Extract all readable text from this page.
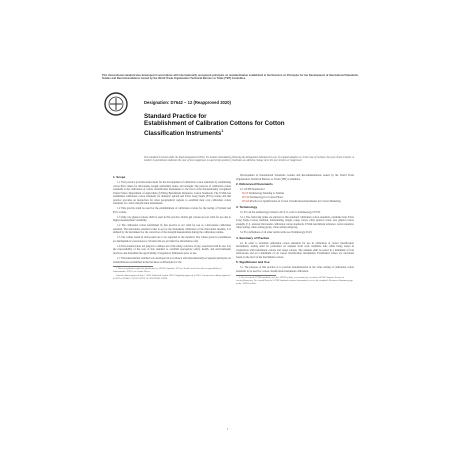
This international standard was developed in accordance with internationally recognized principles on standardization established in the Decision on Principles for the Development of International Standards, Guides and Recommendations issued by the World Trade Organization Technical Barriers to Trade (TBT) Committee.
Designation: D7642 − 12 (Reapproved 2020)
Standard Practice for
Establishment of Calibration Cottons for Cotton
Classification Instruments$^1$
This standard is issued under the fixed designation D7642; the number immediately following the designation indicates the year of original adoption or, in the case of revision, the year of last revision. A number in parentheses indicates the year of last reapproval. A superscript epsilon (ε) indicates an editorial change since the last revision or reapproval.
1. Scope

1.1 This practice provides instructions for the development of calibration cotton standards by establishing cotton fiber values for micronaire, length, uniformity index, and strength. The purpose of calibration cotton standards is the calibration of cotton classification instruments to the level of the internationally recognized United States Department of Agriculture (USDA) Benchmark Reference Cotton Standards. The USDA has established calibration cotton standards for domestic upland and Extra Long Staple (ELS) cottons and this practice provides an instruction for other geographical regions to establish their own calibration cotton standards for cotton classification instruments.

1.2 This practice shall be used for the establishment of calibration cottons for the testing of Upland and ELS cottons.

1.3 Only raw ginned cottons shall be used in this practice. Roller gin cottons are not valid for use due to higher measurement variability.

1.4 The calibration cotton established by this practice is not valid for use as a micronaire calibration standard. The micronaire standard value is set for the instrument calibration of the micronaire module; it is utilized by the instrument for the correction of the strength measurement during the calibration routine.

1.5 The values stated in inch-pound are to be regarded as the standard. The values given in parentheses are mathematical conversions to SI units that are provided for information only.

1.6 This standard does not purport to address all of the safety concerns, if any, associated with its use. It is the responsibility of the user of this standard to establish appropriate safety, health, and environmental practices and determine the applicability of regulatory limitations prior to use.

1.7 This international standard was developed in accordance with internationally recognized principles on standardization established in the Decision on Principles for the

1 This test method is under the jurisdiction of ASTM Committee D13 on Textiles and is the direct responsibility of Subcommittee D13.11 on Cotton Fibers.

Current edition approved July 1, 2020. Published August 2020. Originally approved in 2012. Last previous edition approved in 2017 as D7642–12 (2017). DOI: 10.1520/D7642-12R20.

Development of International Standards, Guides and Recommendations issued by the World Trade Organization Technical Barriers to Trade (TBT) Committee.

2. Referenced Documents
2.1 ASTM Standards:2
D123 Terminology Relating to Textiles
D7139 Terminology for Cotton Fibers
D7410 Practice for Qualification of Cotton Classification Instruments for Cotton Marketing
3. Terminology

3.1 For all the terminology related to D13.11, refer to Terminology D7139.

3.1.1 The following terms are relevant to this standard: calibration cotton standards, candidate bale, Extra Long Staple Cotton, habitual, harmonizing, length, rouge cotton, roller ginned cotton, saw ginned cotton, strength, U.S. national micronaire calibration cotton standards, USDA benchmark reference cotton standard, value setting, value setting group, value setting subgroup.

3.2 For definitions of all other textile terms see Terminology D123.

4. Summary of Practice

4.1 In order to establish calibration cotton standards for use in calibration of cotton classification instruments, testing shall be performed on samples from each candidate bale while being tested in conjunction with benchmark cottons and rouge cottons. The samples shall be tested in a minimum of four laboratories and on a minimum of six cotton classification instruments. Established values are calculated based on the level of the benchmark cottons.

5. Significance and Use

5.1 The purpose of this practice is to provide standardization in the value setting of calibration cotton standards to be used for cotton classification instrument calibration.

2 For referenced ASTM standards, visit the ASTM website, www.astm.org, or contact ASTM Customer Service at service@astm.org. For Annual Book of ASTM Standards volume information, refer to the standard's Document Summary page on the ASTM website.

1
